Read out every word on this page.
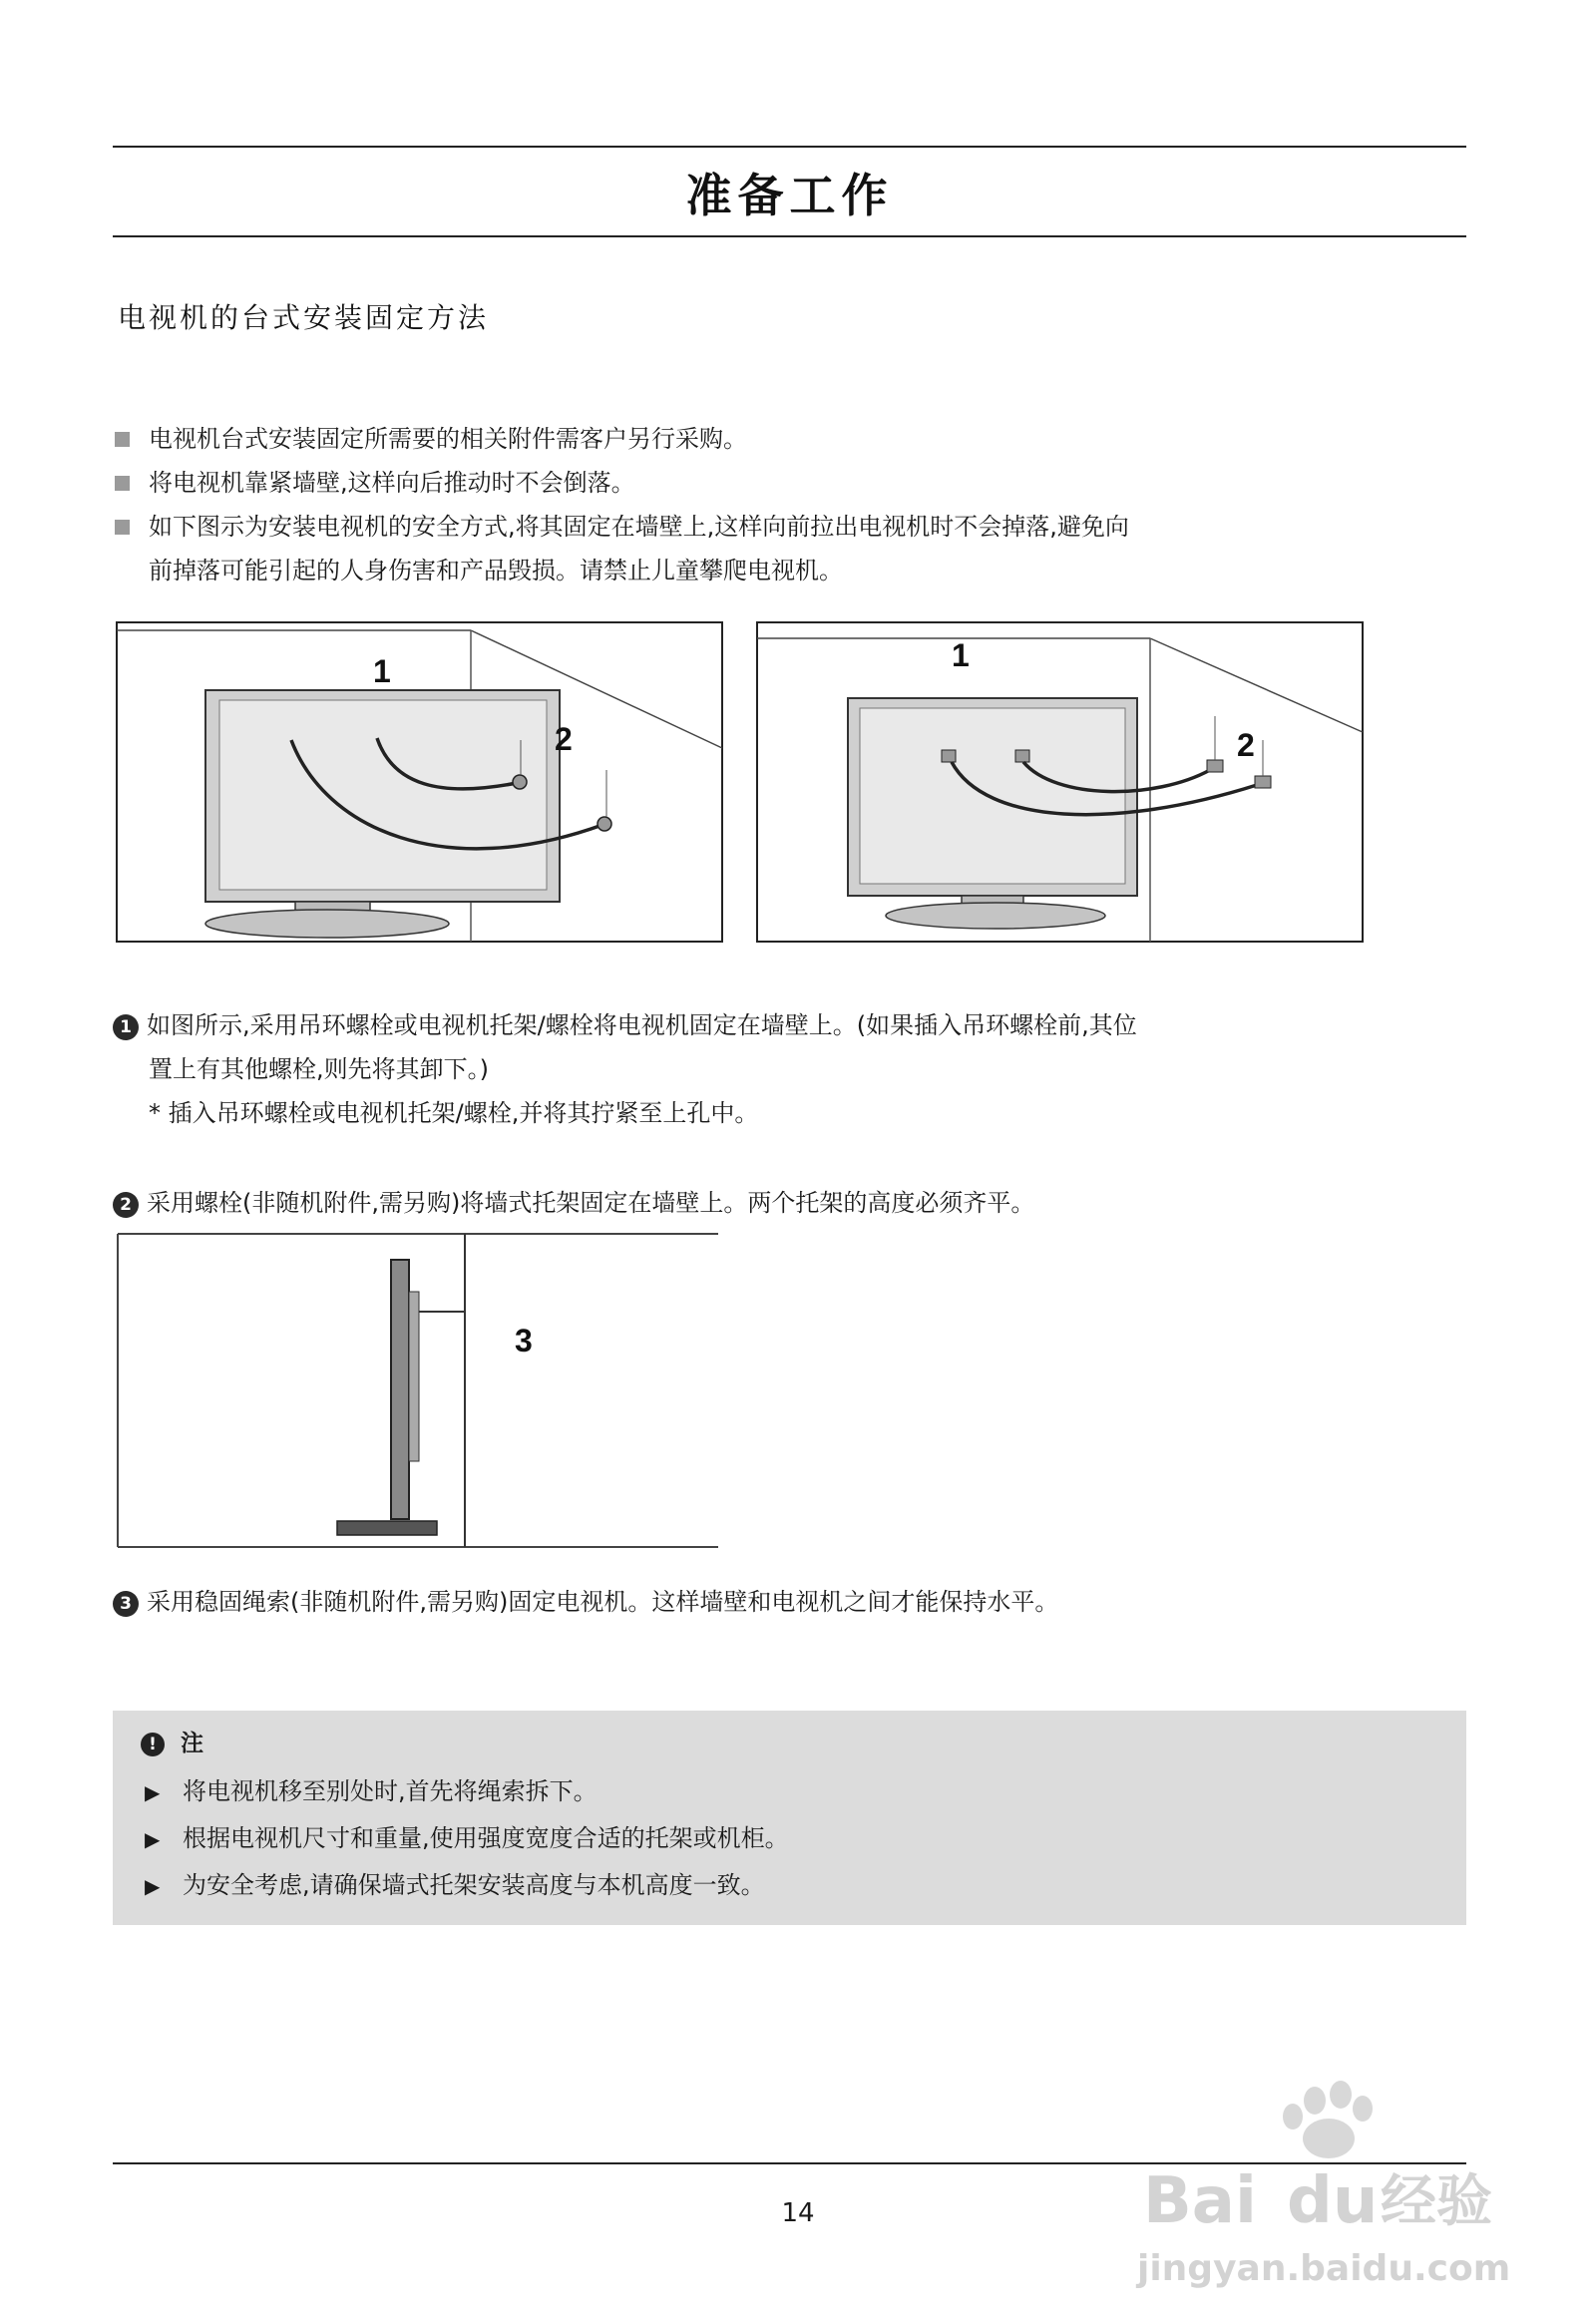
准备工作
电视机的台式安装固定方法
电视机台式安装固定所需要的相关附件需客户另行采购。
将电视机靠紧墙壁,这样向后推动时不会倒落。
如下图示为安装电视机的安全方式,将其固定在墙壁上,这样向前拉出电视机时不会掉落,避免向
前掉落可能引起的人身伤害和产品毁损。请禁止儿童攀爬电视机。
1
2
1
2
1 如图所示,采用吊环螺栓或电视机托架/螺栓将电视机固定在墙壁上。(如果插入吊环螺栓前,其位
置上有其他螺栓,则先将其卸下。)
* 插入吊环螺栓或电视机托架/螺栓,并将其拧紧至上孔中。
2 采用螺栓(非随机附件,需另购)将墙式托架固定在墙壁上。两个托架的高度必须齐平。
3
3 采用稳固绳索(非随机附件,需另购)固定电视机。这样墙壁和电视机之间才能保持水平。
! 注
▶ 将电视机移至别处时,首先将绳索拆下。
▶ 根据电视机尺寸和重量,使用强度宽度合适的托架或机柜。
▶ 为安全考虑,请确保墙式托架安装高度与本机高度一致。
14	Bai du 经验
jingyan.baidu.com
